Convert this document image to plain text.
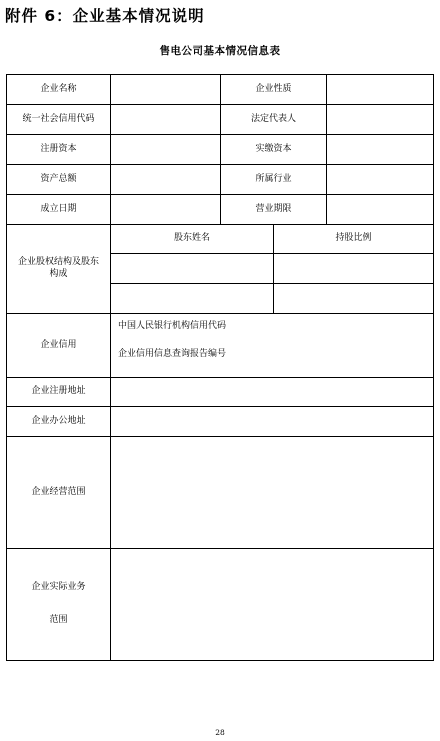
附件 6：企业基本情况说明
售电公司基本情况信息表
企业名称		企业性质		
统一社会信用代码		法定代表人		
注册资本		实缴资本		
资产总额		所属行业		
成立日期		营业期限		
企业股权结构及股东构成	股东姓名		持股比例	

企业信用	中国人民银行机构信用代码
企业信用信息查询报告编号			

企业注册地址				
企业办公地址				
企业经营范围				

企业实际业务
范围				

28
